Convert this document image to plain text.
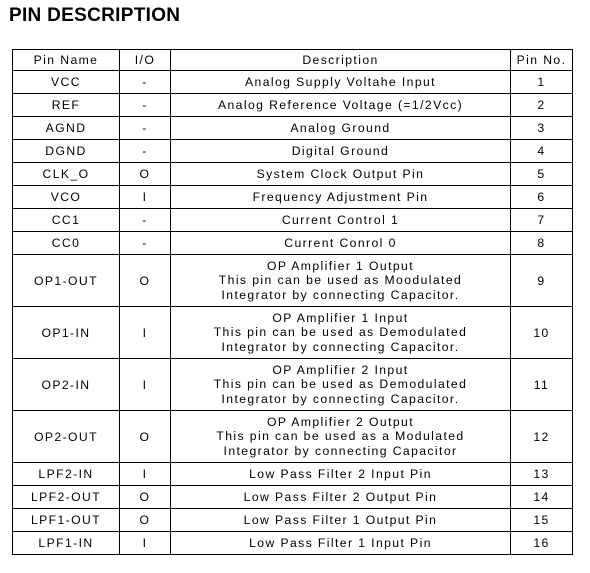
PIN DESCRIPTION
Pin Name	I/O	Description	Pin No.
VCC	-	Analog Supply Voltahe Input	1
REF	-	Analog Reference Voltage (=1/2Vcc)	2
AGND	-	Analog Ground	3
DGND	-	Digital Ground	4
CLK_O	O	System Clock Output Pin	5
VCO	I	Frequency Adjustment Pin	6
CC1	-	Current Control 1	7
CC0	-	Current Conrol 0	8
OP1-OUT	O	OP Amplifier 1 Output
This pin can be used as Moodulated
Integrator by connecting Capacitor.	9
OP1-IN	I	OP Amplifier 1 Input
This pin can be used as Demodulated
Integrator by connecting Capacitor.	10
OP2-IN	I	OP Amplifier 2 Input
This pin can be used as Demodulated
Integrator by connecting Capacitor.	11
OP2-OUT	O	OP Amplifier 2 Output
This pin can be used as a Modulated
Integrator by connecting Capacitor	12
LPF2-IN	I	Low Pass Filter 2 Input Pin	13
LPF2-OUT	O	Low Pass Filter 2 Output Pin	14
LPF1-OUT	O	Low Pass Filter 1 Output Pin	15
LPF1-IN	I	Low Pass Filter 1 Input Pin	16
